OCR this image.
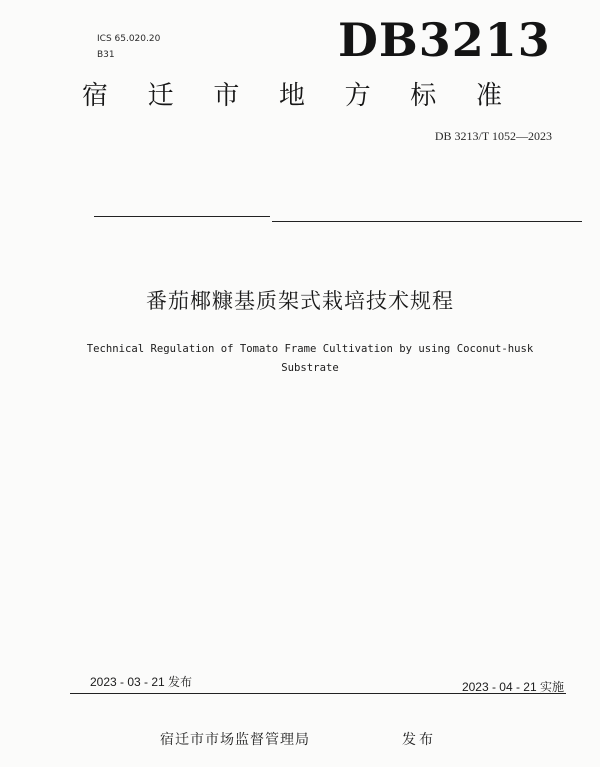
ICS 65.020.20
B31	DB3213
宿 迁 市 地 方 标 准
DB 3213/T 1052—2023
番茄椰糠基质架式栽培技术规程
Technical Regulation of Tomato Frame Cultivation by using Coconut-husk
Substrate
2023 - 03 - 21 发布	2023 - 04 - 21 实施
宿迁市市场监督管理局	发布
